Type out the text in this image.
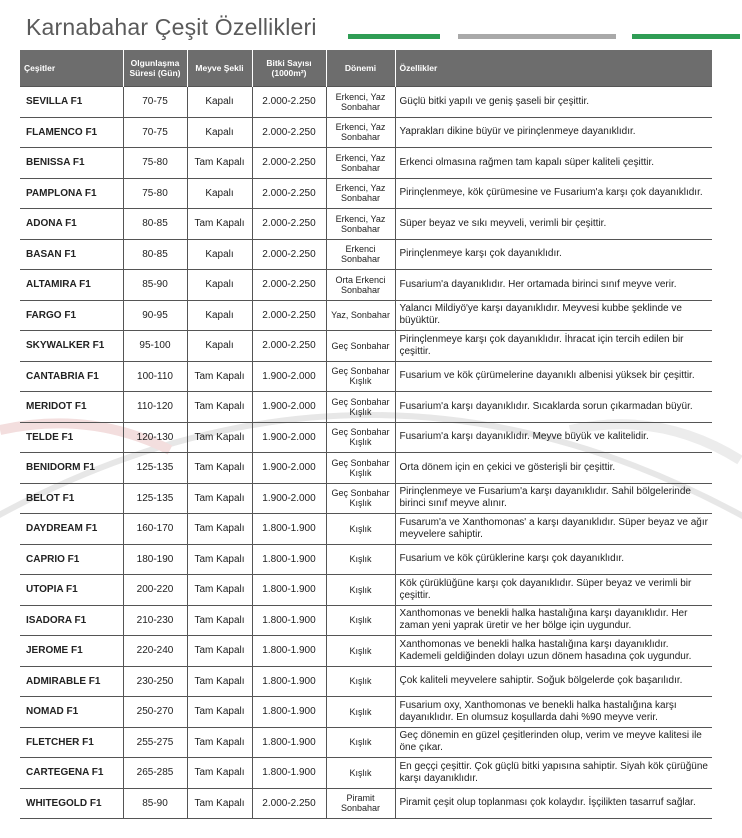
Karnabahar Çeşit Özellikleri
Çeşitler	Olgunlaşma Süresi (Gün)	Meyve Şekli	Bitki Sayısı (1000m²)	Dönemi	Özellikler
SEVILLA F1	70-75	Kapalı	2.000-2.250	Erkenci, Yaz Sonbahar	Güçlü bitki yapılı ve geniş şaseli bir çeşittir.
FLAMENCO F1	70-75	Kapalı	2.000-2.250	Erkenci, Yaz Sonbahar	Yaprakları dikine büyür ve pirinçlenmeye dayanıklıdır.
BENISSA F1	75-80	Tam Kapalı	2.000-2.250	Erkenci, Yaz Sonbahar	Erkenci olmasına rağmen tam kapalı süper kaliteli çeşittir.
PAMPLONA F1	75-80	Kapalı	2.000-2.250	Erkenci, Yaz Sonbahar	Pirinçlenmeye, kök çürümesine ve Fusarium'a karşı çok dayanıklıdır.
ADONA F1	80-85	Tam Kapalı	2.000-2.250	Erkenci, Yaz Sonbahar	Süper beyaz ve sıkı meyveli, verimli bir çeşittir.
BASAN F1	80-85	Kapalı	2.000-2.250	Erkenci Sonbahar	Pirinçlenmeye karşı çok dayanıklıdır.
ALTAMIRA F1	85-90	Kapalı	2.000-2.250	Orta Erkenci Sonbahar	Fusarium'a dayanıklıdır. Her ortamada birinci sınıf meyve verir.
FARGO F1	90-95	Kapalı	2.000-2.250	Yaz, Sonbahar	Yalancı Mildiyö'ye karşı dayanıklıdır. Meyvesi kubbe şeklinde ve büyüktür.
SKYWALKER F1	95-100	Kapalı	2.000-2.250	Geç Sonbahar	Pirinçlenmeye karşı çok dayanıklıdır. İhracat için tercih edilen bir çeşittir.
CANTABRIA F1	100-110	Tam Kapalı	1.900-2.000	Geç Sonbahar Kışlık	Fusarium ve kök çürümelerine dayanıklı albenisi yüksek bir çeşittir.
MERIDOT F1	110-120	Tam Kapalı	1.900-2.000	Geç Sonbahar Kışlık	Fusarium'a karşı dayanıklıdır. Sıcaklarda sorun çıkarmadan büyür.
TELDE F1	120-130	Tam Kapalı	1.900-2.000	Geç Sonbahar Kışlık	Fusarium'a karşı dayanıklıdır. Meyve büyük ve kalitelidir.
BENIDORM F1	125-135	Tam Kapalı	1.900-2.000	Geç Sonbahar Kışlık	Orta dönem için en çekici ve gösterişli bir çeşittir.
BELOT F1	125-135	Tam Kapalı	1.900-2.000	Geç Sonbahar Kışlık	Pirinçlenmeye ve Fusarium'a karşı dayanıklıdır. Sahil bölgelerinde birinci sınıf meyve alınır.
DAYDREAM F1	160-170	Tam Kapalı	1.800-1.900	Kışlık	Fusarum'a ve Xanthomonas' a karşı dayanıklıdır. Süper beyaz ve ağır meyvelere sahiptir.
CAPRIO F1	180-190	Tam Kapalı	1.800-1.900	Kışlık	Fusarium ve kök çürüklerine karşı çok dayanıklıdır.
UTOPIA F1	200-220	Tam Kapalı	1.800-1.900	Kışlık	Kök çürüklüğüne karşı çok dayanıklıdır. Süper beyaz ve verimli bir çeşittir.
ISADORA F1	210-230	Tam Kapalı	1.800-1.900	Kışlık	Xanthomonas ve benekli halka hastalığına karşı dayanıklıdır. Her zaman yeni yaprak üretir ve her bölge için uygundur.
JEROME F1	220-240	Tam Kapalı	1.800-1.900	Kışlık	Xanthomonas ve benekli halka hastalığına karşı dayanıklıdır. Kademeli geldiğinden dolayı uzun dönem hasadına çok uygundur.
ADMIRABLE F1	230-250	Tam Kapalı	1.800-1.900	Kışlık	Çok kaliteli meyvelere sahiptir. Soğuk bölgelerde çok başarılıdır.
NOMAD F1	250-270	Tam Kapalı	1.800-1.900	Kışlık	Fusarium oxy, Xanthomonas ve benekli halka hastalığına karşı dayanıklıdır. En olumsuz koşullarda dahi %90 meyve verir.
FLETCHER F1	255-275	Tam Kapalı	1.800-1.900	Kışlık	Geç dönemin en güzel çeşitlerinden olup, verim ve meyve kalitesi ile öne çıkar.
CARTEGENA F1	265-285	Tam Kapalı	1.800-1.900	Kışlık	En geççi çeşittir. Çok güçlü bitki yapısına sahiptir. Siyah kök çürüğüne karşı dayanıklıdır.
WHITEGOLD F1	85-90	Tam Kapalı	2.000-2.250	Piramit Sonbahar	Piramit çeşit olup toplanması çok kolaydır. İşçilikten tasarruf sağlar.
